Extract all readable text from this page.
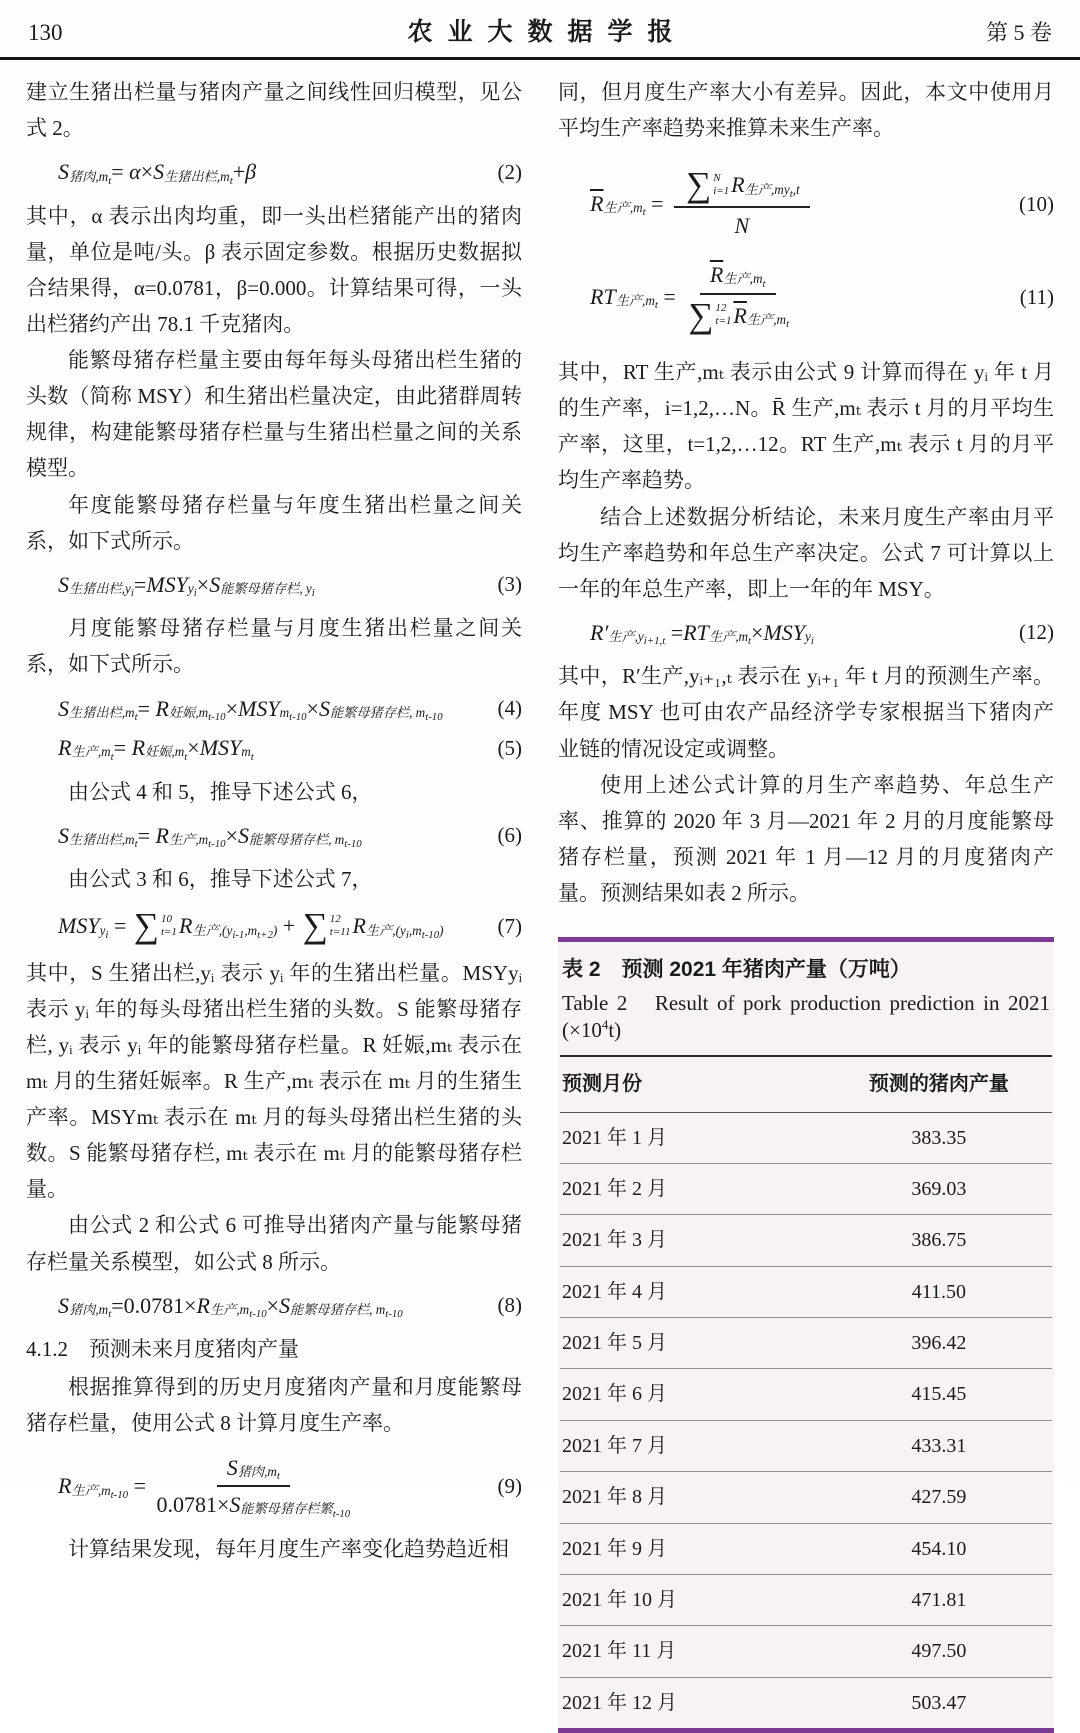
130	农业大数据学报	第 5 卷

建立生猪出栏量与猪肉产量之间线性回归模型，见公式 2。

S 猪肉$,m_t = \alpha \times S$ 生猪出栏$,m_t + \beta$	(2)

其中，α 表示出肉均重，即一头出栏猪能产出的猪肉量，单位是吨/头。β 表示固定参数。根据历史数据拟合结果得，α=0.0781，β=0.000。计算结果可得，一头出栏猪约产出 78.1 千克猪肉。

能繁母猪存栏量主要由每年每头母猪出栏生猪的头数（简称 MSY）和生猪出栏量决定，由此猪群周转规律，构建能繁母猪存栏量与生猪出栏量之间的关系模型。

年度能繁母猪存栏量与年度生猪出栏量之间关系，如下式所示。

S 生猪出栏$,y_i$ = MSY $y_i \times S$ 能繁母猪存栏, $y_i$	(3)

月度能繁母猪存栏量与月度生猪出栏量之间关系，如下式所示。

S 生猪出栏$,m_t = R$ 妊娠$,m_{t-10}$ × MSY $m_{t-10} \times S$ 能繁母猪存栏, $m_{t-10}$	(4)
R 生产$,m_t = R$ 妊娠$,m_t$ × MSY $m_t$	(5)

由公式 4 和 5，推导下述公式 6，

S 生猪出栏$,m_t = R$ 生产$,m_{t-10} \times S$ 能繁母猪存栏, $m_{t-10}$	(6)

由公式 3 和 6，推导下述公式 7，

MSY $y_i$ = ∑ 10
t=1 R 生产$,(y_{i-1},m_{t+2})$ + ∑ 12
t=11 R 生产$,(y_i,m_{t-10})$	(7)

其中，S 生猪出栏,yᵢ 表示 yᵢ 年的生猪出栏量。MSYyᵢ 表示 yᵢ 年的每头母猪出栏生猪的头数。S 能繁母猪存栏, yᵢ 表示 yᵢ 年的能繁母猪存栏量。R 妊娠,mₜ 表示在 mₜ 月的生猪妊娠率。R 生产,mₜ 表示在 mₜ 月的生猪生产率。MSYmₜ 表示在 mₜ 月的每头母猪出栏生猪的头数。S 能繁母猪存栏, mₜ 表示在 mₜ 月的能繁母猪存栏量。

由公式 2 和公式 6 可推导出猪肉产量与能繁母猪存栏量关系模型，如公式 8 所示。

S 猪肉$,m_t =0.0781\times R$ 生产$,m_{t-10} \times S$ 能繁母猪存栏, $m_{t-10}$	(8)

4.1.2　预测未来月度猪肉产量

根据推算得到的历史月度猪肉产量和月度能繁母猪存栏量，使用公式 8 计算月度生产率。

R 生产$,m_{t-10}$ =
S 猪肉$,m_t$
0.0781× S 能繁母猪存栏繁$_{t-10}$
(9)

计算结果发现，每年月度生产率变化趋势趋近相

同，但月度生产率大小有差异。因此，本文中使用月平均生产率趋势来推算未来生产率。

$\overline{R}$ 生产$,m_t$ = ∑ N
i=1 R 生产$,my_t,t$
N
(10)
RT 生产$,m_t$ =
$\overline{R}$ 生产$,m_t$
∑ 12
t=1 $\overline{R}$ 生产$,m_t$
(11)

其中，RT 生产,mₜ 表示由公式 9 计算而得在 yᵢ 年 t 月的生产率，i=1,2,…N。R̄ 生产,mₜ 表示 t 月的月平均生产率，这里，t=1,2,…12。RT 生产,mₜ 表示 t 月的月平均生产率趋势。

结合上述数据分析结论，未来月度生产率由月平均生产率趋势和年总生产率决定。公式 7 可计算以上一年的年总生产率，即上一年的年 MSY。

R′ 生产$,y_{i+1,t}$ = RT 生产$,m_t$ × MSY $y_i$	(12)

其中，R′生产,yᵢ₊₁,ₜ 表示在 yᵢ₊₁ 年 t 月的预测生产率。年度 MSY 也可由农产品经济学专家根据当下猪肉产业链的情况设定或调整。

使用上述公式计算的月生产率趋势、年总生产率、推算的 2020 年 3 月—2021 年 2 月的月度能繁母猪存栏量，预测 2021 年 1 月—12 月的月度猪肉产量。预测结果如表 2 所示。

表 2　预测 2021 年猪肉产量（万吨）
Table 2　Result of pork production prediction in 2021 $(\times 10^4t)$
预测月份	预测的猪肉产量
2021 年 1 月	383.35
2021 年 2 月	369.03
2021 年 3 月	386.75
2021 年 4 月	411.50
2021 年 5 月	396.42
2021 年 6 月	415.45
2021 年 7 月	433.31
2021 年 8 月	427.59
2021 年 9 月	454.10
2021 年 10 月	471.81
2021 年 11 月	497.50
2021 年 12 月	503.47
